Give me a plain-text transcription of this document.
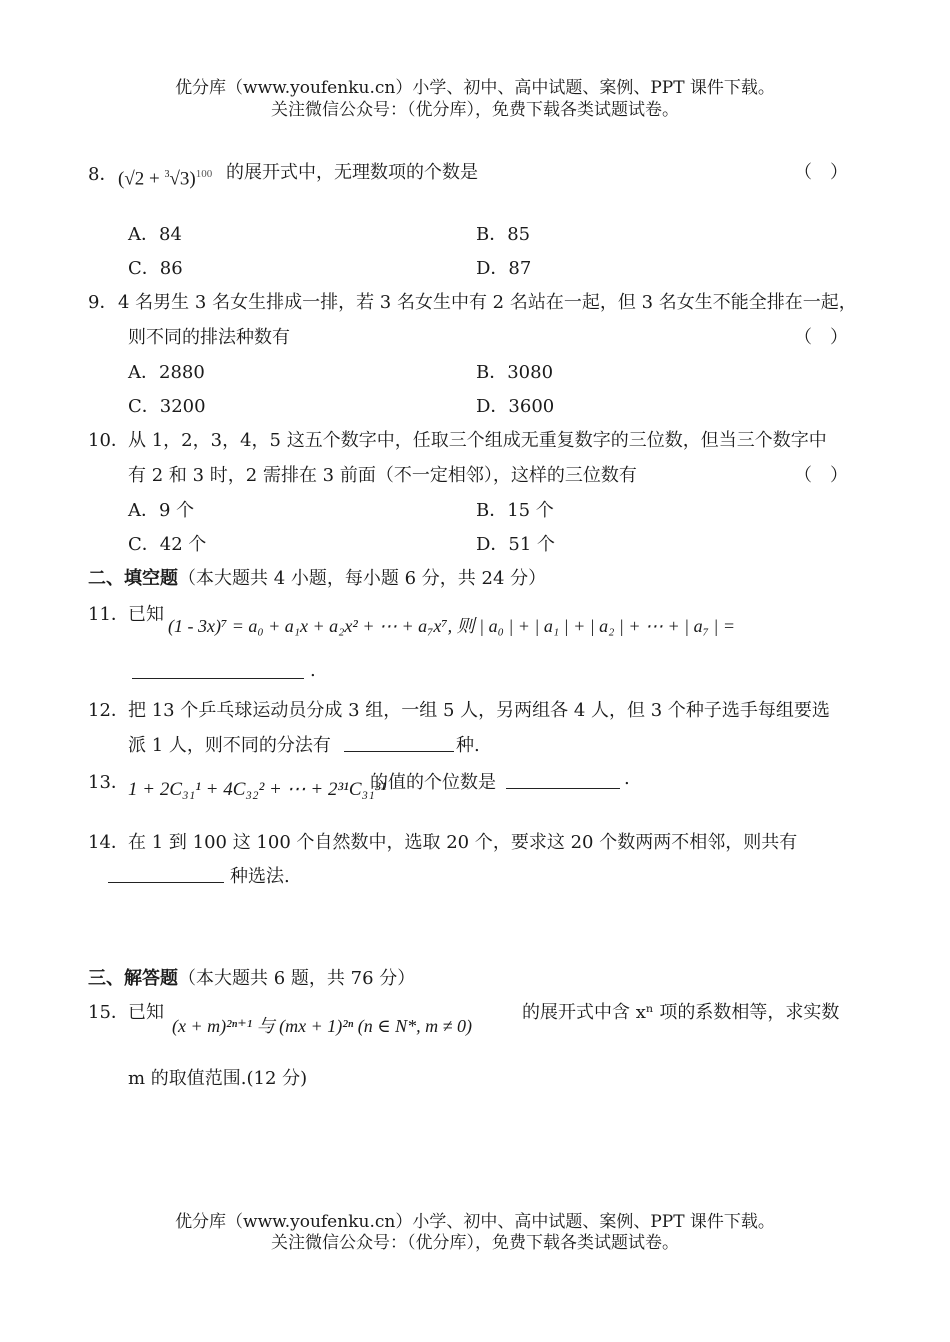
优分库（www.youfenku.cn）小学、初中、高中试题、案例、PPT 课件下载。
关注微信公众号：（优分库），免费下载各类试题试卷。
8． $(√2 + ^3√3)^{100}$ 的展开式中，无理数项的个数是	（　）
A．84	B．85
C．86	D．87
9． 4 名男生 3 名女生排成一排，若 3 名女生中有 2 名站在一起，但 3 名女生不能全排在一起，
则不同的排法种数有	（　）
A．2880	B．3080
C．3200	D．3600
10． 从 1，2，3，4，5 这五个数字中，任取三个组成无重复数字的三位数，但当三个数字中
有 2 和 3 时，2 需排在 3 前面（不一定相邻），这样的三位数有	（　）
A．9 个	B．15 个
C．42 个	D．51 个
二、填空题（本大题共 4 小题，每小题 6 分，共 24 分）
11． 已知
(1 - 3x)⁷ = a₀ + a₁x + a₂x² + ⋯ + a₇x⁷, 则 | a₀ | + | a₁ | + | a₂ | + ⋯ + | a₇ | =
.
12． 把 13 个乒乓球运动员分成 3 组，一组 5 人，另两组各 4 人，但 3 个种子选手每组要选
派 1 人，则不同的分法有	种.
13． 1 + 2C₃₁¹ + 4C₃₂² + ⋯ + 2³¹C₃₁³¹
的值的个位数是	.
14． 在 1 到 100 这 100 个自然数中，选取 20 个，要求这 20 个数两两不相邻，则共有
种选法.
三、解答题（本大题共 6 题，共 76 分）
15． 已知
(x + m)²ⁿ⁺¹ 与 (mx + 1)²ⁿ (n ∈ N*, m ≠ 0)
的展开式中含 xⁿ 项的系数相等，求实数
m 的取值范围.(12 分)
优分库（www.youfenku.cn）小学、初中、高中试题、案例、PPT 课件下载。
关注微信公众号：（优分库），免费下载各类试题试卷。
